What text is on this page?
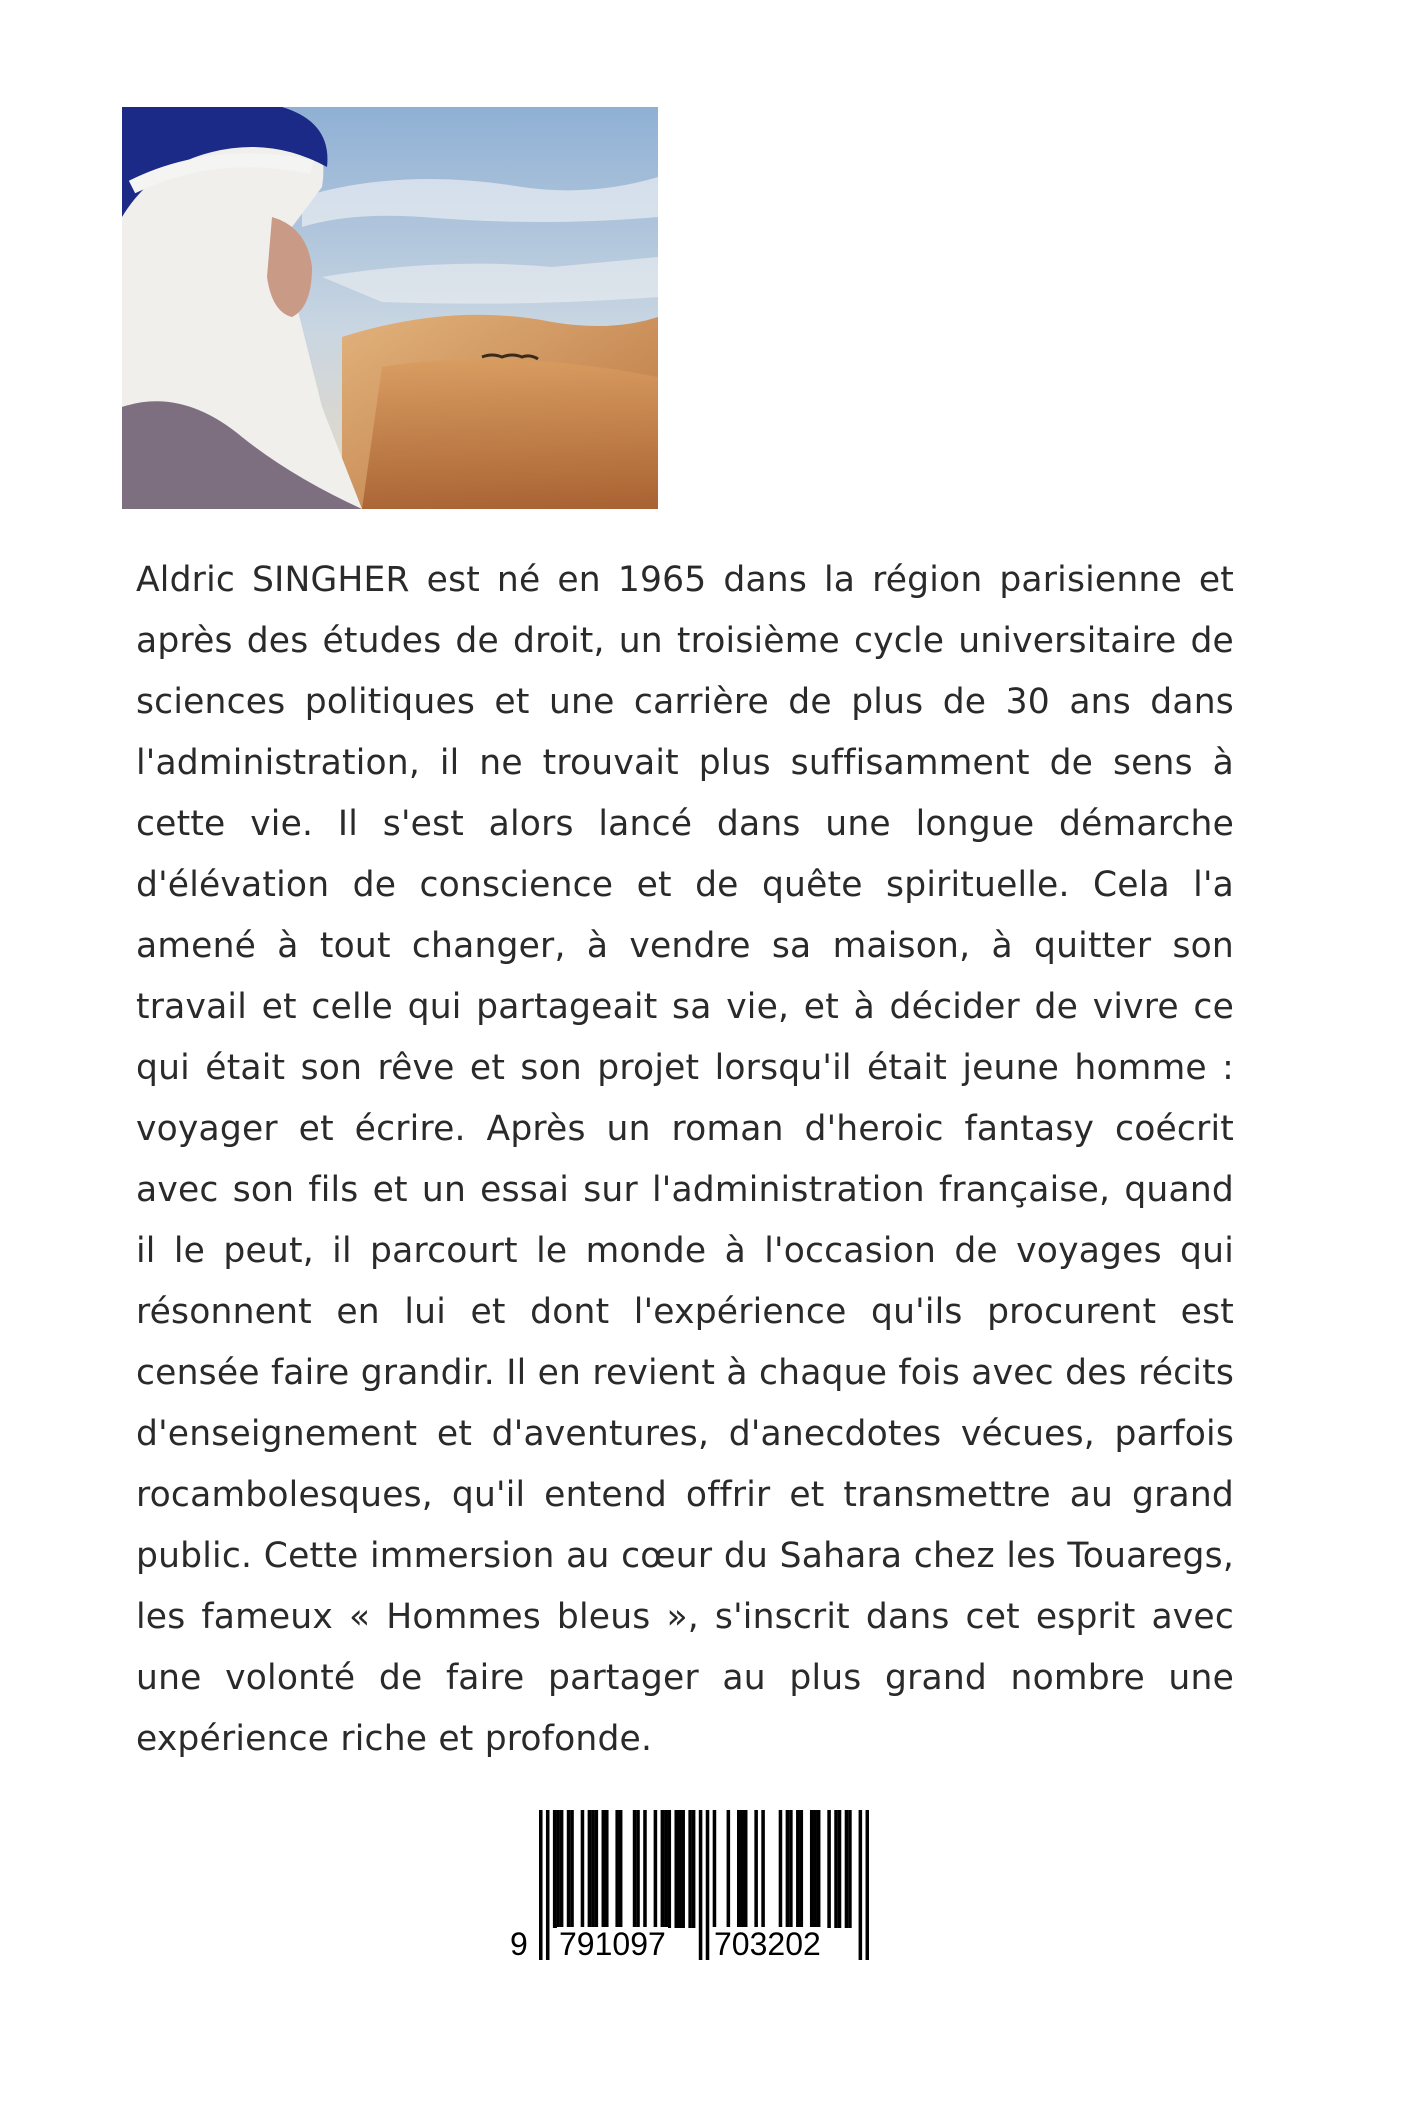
Aldric SINGHER est né en 1965 dans la région parisienne et après des études de droit, un troisième cycle universitaire de sciences politiques et une carrière de plus de 30 ans dans l'administration, il ne trouvait plus suffisamment de sens à cette vie. Il s'est alors lancé dans une longue démarche d'élévation de conscience et de quête spirituelle. Cela l'a amené à tout changer, à vendre sa maison, à quitter son travail et celle qui partageait sa vie, et à décider de vivre ce qui était son rêve et son projet lorsqu'il était jeune homme : voyager et écrire. Après un roman d'heroic fantasy coécrit avec son fils et un essai sur l'administration française, quand il le peut, il parcourt le monde à l'occasion de voyages qui résonnent en lui et dont l'expérience qu'ils procurent est censée faire grandir. Il en revient à chaque fois avec des récits d'enseignement et d'aventures, d'anecdotes vécues, parfois rocambolesques, qu'il entend offrir et transmettre au grand public. Cette immersion au cœur du Sahara chez les Touaregs, les fameux « Hommes bleus », s'inscrit dans cet esprit avec une volonté de faire partager au plus grand nombre une expérience riche et profonde.

9 791097 703202
